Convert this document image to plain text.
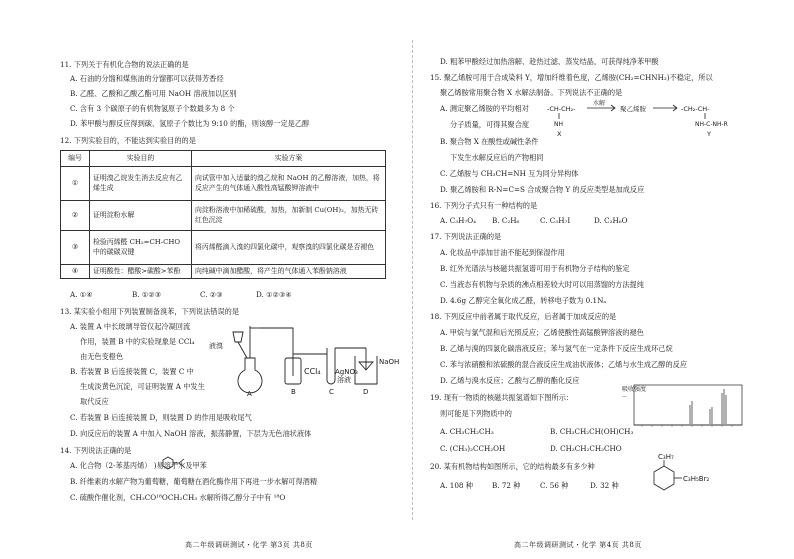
11. 下列关于有机化合物的说法正确的是
A. 石油的分馏和煤焦油的分馏都可以获得芳香烃
B. 乙醛、乙酸和乙酸乙酯可用 NaOH 溶液加以区别
C. 含有 3 个碳原子的有机物氢原子个数最多为 8 个
D. 苯甲酸与醇反应得到碳、氢原子个数比为 9:10 的酯，则该醇一定是乙醇
12. 下列实验目的，不能达到实验目的的是
编号	实验目的	实验方案
①	证明溴乙烷发生消去反应有乙烯生成	向试管中加入适量的溴乙烷和 NaOH 的乙醇溶液，加热，将反应产生的气体通入酸性高锰酸钾溶液中
②	证明淀粉水解	向淀粉溶液中加稀硫酸，加热，加新制 Cu(OH)₂，加热无砖红色沉淀
③	检验丙烯醛 CH₂=CH-CHO 中的碳碳双键	将丙烯醛滴入溴的四氯化碳中，观察溴的四氯化碳是否褪色
④	证明酸性：醋酸>碳酸>苯酚	向纯碱中滴加醋酸，将产生的气体通入苯酚钠溶液
A. ①④	B. ①②③	C. ②③	D. ①②③④
13. 某实验小组用下列装置制备溴苯，下列说法错误的是
A. 装置 A 中长玻璃导管仅起冷凝回流
作用，装置 B 中的实验现象是 CCl₄
由无色变橙色
B. 若装置 B 后连接装置 C，装置 C 中
生成淡黄色沉淀，可证明装置 A 中发生
取代反应
C. 若装置 B 后连接装置 D，则装置 D 的作用是吸收尾气
D. 向反应后的装置 A 中加入 NaOH 溶液，振荡静置，下层为无色油状液体
液溴
CCl₄ AgNO₃
溶液
NaOH
A	B	C	D
14. 下列说法正确的是
A. 化合物（2-苯基丙烯） )易溶于水及甲苯
B. 纤维素的水解产物为葡萄糖，葡萄糖在酒化酶作用下再进一步水解可得酒精
C. 硫酸作催化剂，CH₃CO¹⁸OCH₂CH₃ 水解所得乙醇分子中有 ¹⁸O
高二年级调研测试・化学 第3页 共8页
D. 粗苯甲酸经过加热溶解、趁热过滤、蒸发结晶，可获得纯净苯甲酸
15. 聚乙烯胺可用于合成染料 Y，增加纤维着色度，乙烯胺(CH₂=CHNH₂)不稳定，所以
聚乙烯胺常用聚合物 X 水解法制备。下列说法不正确的是
A. 测定聚乙烯胺的平均相对
分子质量，可得其聚合度
B. 聚合物 X 在酸性或碱性条件
下发生水解反应后的产物相同
C. 乙烯胺与 CH₃CH=NH 互为同分异构体
D. 聚乙烯胺和 R-N=C=S 合成聚合物 Y 的反应类型是加成反应
-CH-CH₂-
NH
聚乙烯胺	-CH₂-CH-
NH-C-NH-R
水解
X	Y
16. 下列分子式只有一种结构的是
A. C₃H₇O₄ B. C₂H₆	C. C₃H₇I	D. C₂H₆O
17. 下列说法正确的是
A. 化妆品中添加甘油不能起到保湿作用
B. 红外光谱法与核磁共振氢谱可用于有机物分子结构的鉴定
C. 当液态有机物与杂质的沸点相差较大时可以用蒸馏的方法提纯
D. 4.6g 乙醇完全氧化成乙醛，转移电子数为 0.1Nₐ
18. 下列反应中前者属于取代反应，后者属于加成反应的是
A. 甲烷与氯气混和后光照反应；乙烯使酸性高锰酸钾溶液的褪色
B. 乙烯与溴的四氯化碳溶液反应；苯与氢气在一定条件下反应生成环己烷
C. 苯与浓硝酸和浓硫酸的混合液反应生成油状液体；乙烯与水生成乙醇的反应
D. 乙烯与溴水反应；乙酸与乙醇的酯化反应
19. 现有一物质的核磁共振氢谱如下图所示：
则可能是下列物质中的
吸收强度
—
A. CH₃CH₂CH₃	B. CH₃CH₂CH(OH)CH₃
C. (CH₃)₂CCH₂OH	D. CH₃CH₂CH₂CHO
20. 某有机物结构如图所示，它的结构最多有多少种
C₃H₇
C₃H₅Br₂
A. 108 种	B. 72 种	C. 56 种	D. 32 种
高二年级调研测试・化学 第4页 共8页
